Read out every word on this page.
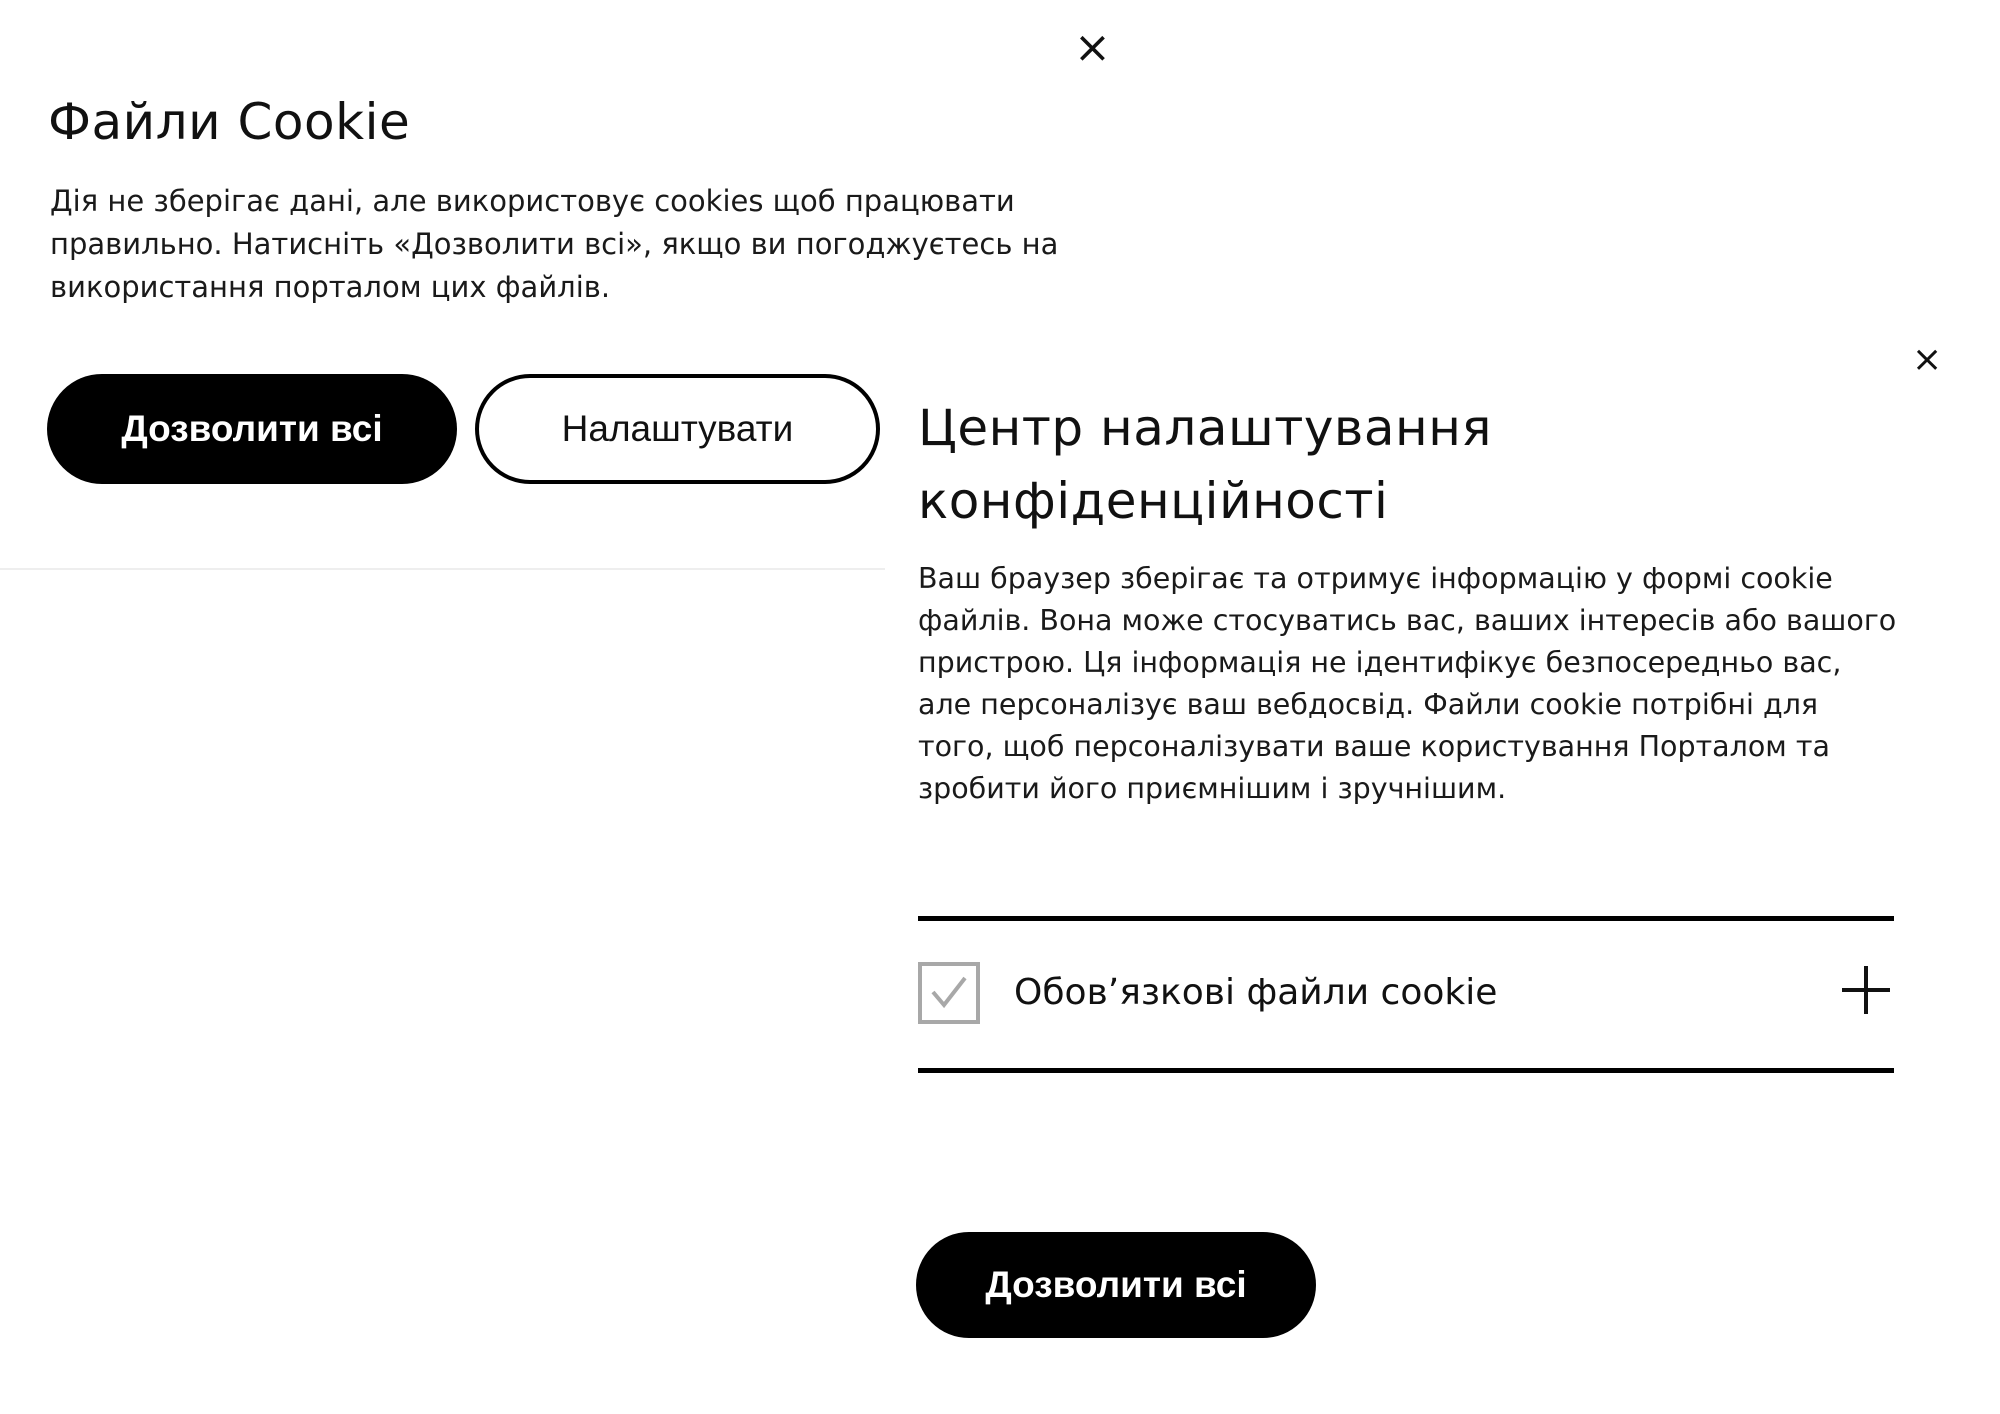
×
Файли Cookie

Дія не зберігає дані, але використовує cookies щоб працювати правильно. Натисніть «Дозволити всі», якщо ви погоджуєтесь на використання порталом цих файлів.

Дозволити всі	Налаштувати
×
Центр налаштування конфіденційності

Ваш браузер зберігає та отримує інформацію у формі cookie файлів. Вона може стосуватись вас, ваших інтересів або вашого пристрою. Ця інформація не ідентифікує безпосередньо вас, але персоналізує ваш вебдосвід. Файли cookie потрібні для того, щоб персоналізувати ваше користування Порталом та зробити його приємнішим і зручнішим.

Обов’язкові файли cookie
Дозволити всі
